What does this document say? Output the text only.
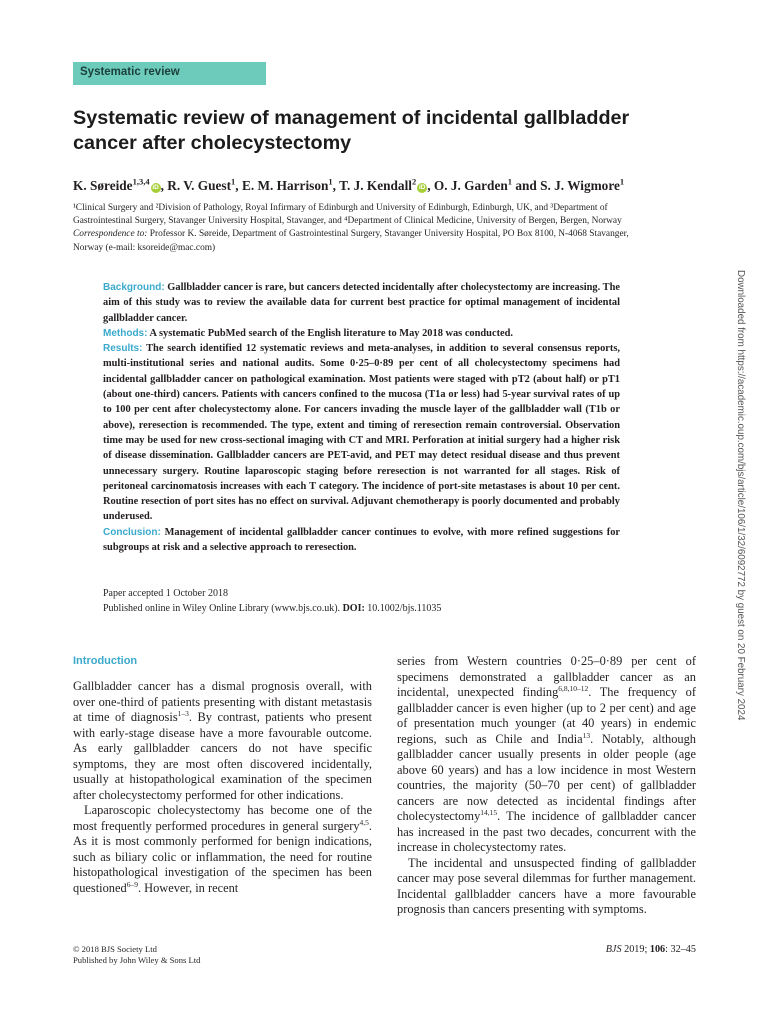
Systematic review
Systematic review of management of incidental gallbladder
cancer after cholecystectomy
K. Søreide$^{1,3,4}$iD , R. V. Guest$^1$, E. M. Harrison$^1$, T. J. Kendall$^2$iD , O. J. Garden$^1$ and S. J. Wigmore$^1$
¹Clinical Surgery and ²Division of Pathology, Royal Infirmary of Edinburgh and University of Edinburgh, Edinburgh, UK, and ³Department of
Gastrointestinal Surgery, Stavanger University Hospital, Stavanger, and ⁴Department of Clinical Medicine, University of Bergen, Bergen, Norway
Correspondence to: Professor K. Søreide, Department of Gastrointestinal Surgery, Stavanger University Hospital, PO Box 8100, N-4068 Stavanger,
Norway (e-mail: ksoreide@mac.com)

Background: Gallbladder cancer is rare, but cancers detected incidentally after cholecystectomy are increasing. The aim of this study was to review the available data for current best practice for optimal management of incidental gallbladder cancer.

Methods: A systematic PubMed search of the English literature to May 2018 was conducted.

Results: The search identified 12 systematic reviews and meta-analyses, in addition to several consensus reports, multi-institutional series and national audits. Some 0·25–0·89 per cent of all cholecystectomy specimens had incidental gallbladder cancer on pathological examination. Most patients were staged with pT2 (about half) or pT1 (about one-third) cancers. Patients with cancers confined to the mucosa (T1a or less) had 5-year survival rates of up to 100 per cent after cholecystectomy alone. For cancers invading the muscle layer of the gallbladder wall (T1b or above), reresection is recommended. The type, extent and timing of reresection remain controversial. Observation time may be used for new cross-sectional imaging with CT and MRI. Perforation at initial surgery had a higher risk of disease dissemination. Gallbladder cancers are PET-avid, and PET may detect residual disease and thus prevent unnecessary surgery. Routine laparoscopic staging before reresection is not warranted for all stages. Risk of peritoneal carcinomatosis increases with each T category. The incidence of port-site metastases is about 10 per cent. Routine resection of port sites has no effect on survival. Adjuvant chemotherapy is poorly documented and probably underused.

Conclusion: Management of incidental gallbladder cancer continues to evolve, with more refined suggestions for subgroups at risk and a selective approach to reresection.

Paper accepted 1 October 2018
Published online in Wiley Online Library (www.bjs.co.uk). DOI: 10.1002/bjs.11035	Downloaded from https://academic.oup.com/bjs/article/106/1/32/6092772 by guest on 20 February 2024

Introduction

Gallbladder cancer has a dismal prognosis overall, with over one-third of patients presenting with distant metastasis at time of diagnosis$^{1-3}$. By contrast, patients who present with early-stage disease have a more favourable outcome. As early gallbladder cancers do not have specific symptoms, they are most often discovered incidentally, usually at histopathological examination of the specimen after cholecystectomy performed for other indications.

Laparoscopic cholecystectomy has become one of the most frequently performed procedures in general surgery$^{4,5}$. As it is most commonly performed for benign indications, such as biliary colic or inflammation, the need for routine histopathological investigation of the specimen has been questioned$^{6-9}$. However, in recent

series from Western countries 0·25–0·89 per cent of specimens demonstrated a gallbladder cancer as an incidental, unexpected finding$^{6,8,10-12}$. The frequency of gallbladder cancer is even higher (up to 2 per cent) and age of presentation much younger (at 40 years) in endemic regions, such as Chile and India$^{13}$. Notably, although gallbladder cancer usually presents in older people (age above 60 years) and has a low incidence in most Western countries, the majority (50–70 per cent) of gallbladder cancers are now detected as incidental findings after cholecystectomy$^{14,15}$. The incidence of gallbladder cancer has increased in the past two decades, concurrent with the increase in cholecystectomy rates.

The incidental and unsuspected finding of gallbladder cancer may pose several dilemmas for further management. Incidental gallbladder cancers have a more favourable prognosis than cancers presenting with symptoms.

© 2018 BJS Society Ltd
Published by John Wiley & Sons Ltd
BJS 2019; 106: 32–45
